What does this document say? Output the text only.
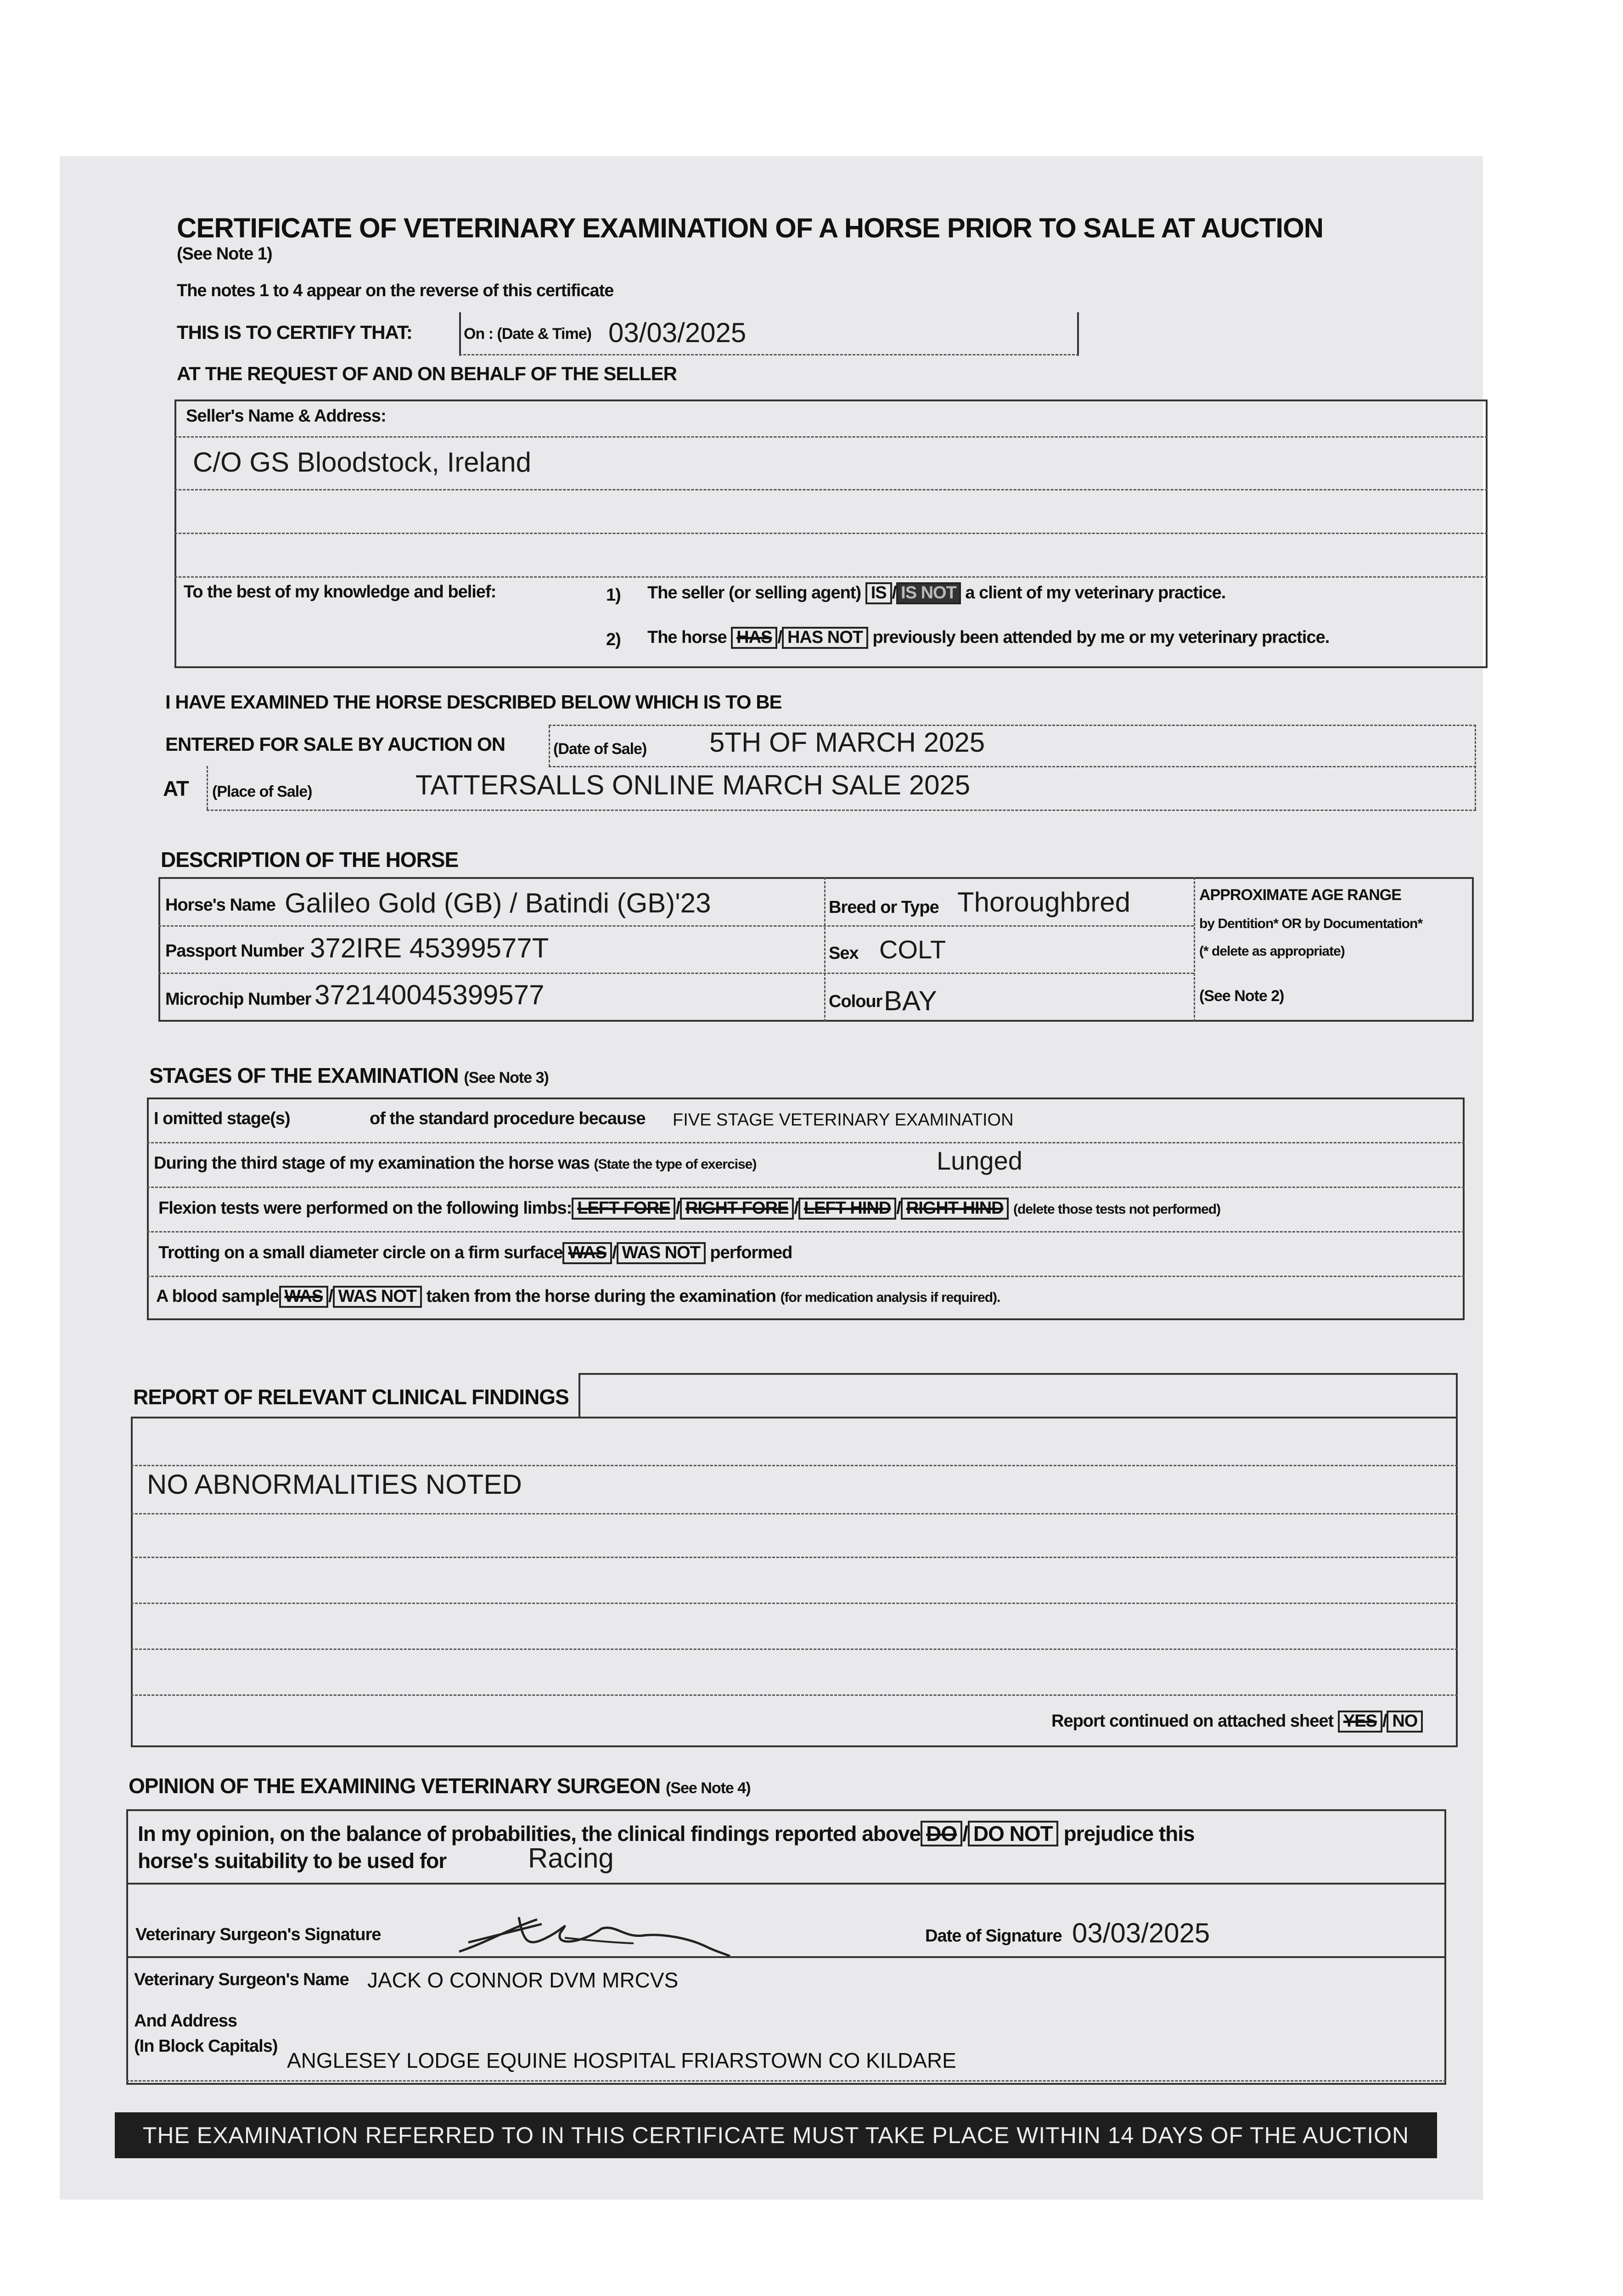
CERTIFICATE OF VETERINARY EXAMINATION OF A HORSE PRIOR TO SALE AT AUCTION
(See Note 1)
The notes 1 to 4 appear on the reverse of this certificate
THIS IS TO CERTIFY THAT:	On : (Date & Time) 03/03/2025
AT THE REQUEST OF AND ON BEHALF OF THE SELLER
Seller's Name & Address:
C/O GS Bloodstock, Ireland
To the best of my knowledge and belief:	1) The seller (or selling agent) IS / IS NOT a client of my veterinary practice.
2) The horse HAS / HAS NOT previously been attended by me or my veterinary practice.
I HAVE EXAMINED THE HORSE DESCRIBED BELOW WHICH IS TO BE
ENTERED FOR SALE BY AUCTION ON	(Date of Sale) 5TH OF MARCH 2025
AT (Place of Sale)	TATTERSALLS ONLINE MARCH SALE 2025
DESCRIPTION OF THE HORSE
Horse's Name Galileo Gold (GB) / Batindi (GB)'23
Passport Number 372IRE 45399577T
Microchip Number 372140045399577
Breed or Type Thoroughbred
Sex COLT
Colour BAY
APPROXIMATE AGE RANGE
by Dentition* OR by Documentation*
(* delete as appropriate)
(See Note 2)
STAGES OF THE EXAMINATION (See Note 3)
I omitted stage(s)	of the standard procedure because FIVE STAGE VETERINARY EXAMINATION
During the third stage of my examination the horse was (State the type of exercise)	Lunged
Flexion tests were performed on the following limbs: LEFT FORE / RIGHT FORE / LEFT HIND / RIGHT HIND (delete those tests not performed)
Trotting on a small diameter circle on a firm surface WAS / WAS NOT performed
A blood sample WAS / WAS NOT taken from the horse during the examination (for medication analysis if required).
REPORT OF RELEVANT CLINICAL FINDINGS
NO ABNORMALITIES NOTED
Report continued on attached sheet YES / NO
OPINION OF THE EXAMINING VETERINARY SURGEON (See Note 4)
In my opinion, on the balance of probabilities, the clinical findings reported above DO / DO NOT prejudice this
horse's suitability to be used for	Racing
Veterinary Surgeon's Signature	Date of Signature 03/03/2025
Veterinary Surgeon's Name JACK O CONNOR DVM MRCVS
And Address
(In Block Capitals)
ANGLESEY LODGE EQUINE HOSPITAL FRIARSTOWN CO KILDARE
THE EXAMINATION REFERRED TO IN THIS CERTIFICATE MUST TAKE PLACE WITHIN 14 DAYS OF THE AUCTION
